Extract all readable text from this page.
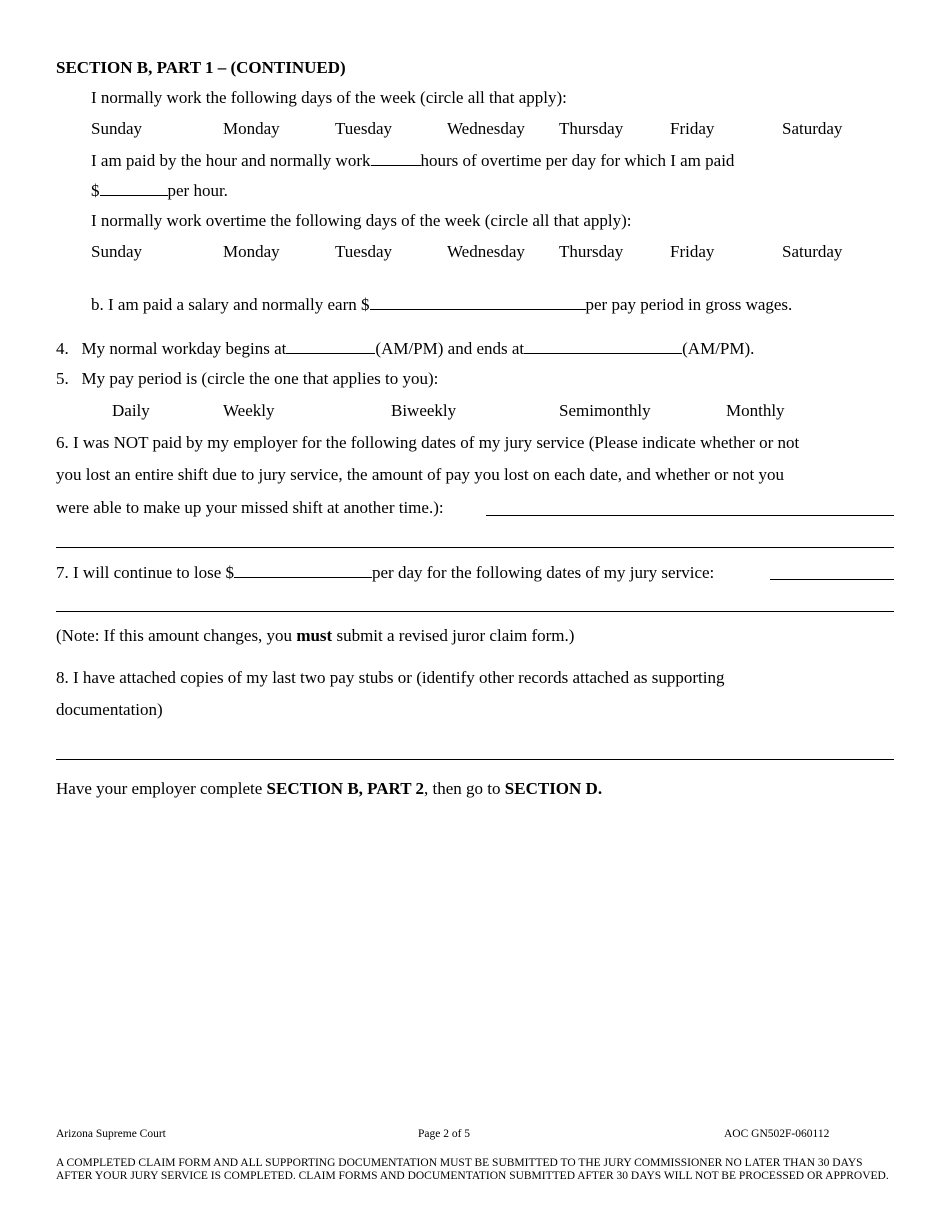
SECTION B, PART 1 – (CONTINUED)
I normally work the following days of the week (circle all that apply):
Sunday	Monday	Tuesday	Wednesday Thursday	Friday	Saturday
I am paid by the hour and normally work	hours of overtime per day for which I am paid
$	per hour.
I normally work overtime the following days of the week (circle all that apply):
Sunday	Monday	Tuesday	Wednesday Thursday	Friday	Saturday
b. I am paid a salary and normally earn $	per pay period in gross wages.
4. My normal workday begins at	(AM/PM) and ends at	(AM/PM).
5. My pay period is (circle the one that applies to you):
Daily	Weekly	Biweekly	Semimonthly	Monthly
6. I was NOT paid by my employer for the following dates of my jury service (Please indicate whether or not
you lost an entire shift due to jury service, the amount of pay you lost on each date, and whether or not you
were able to make up your missed shift at another time.):
7. I will continue to lose $	per day for the following dates of my jury service:
(Note: If this amount changes, you must submit a revised juror claim form.)
8. I have attached copies of my last two pay stubs or (identify other records attached as supporting
documentation)
Have your employer complete SECTION B, PART 2, then go to SECTION D.
Arizona Supreme Court	Page 2 of 5	AOC GN502F-060112
A COMPLETED CLAIM FORM AND ALL SUPPORTING DOCUMENTATION MUST BE SUBMITTED TO THE JURY COMMISSIONER NO LATER THAN 30 DAYS AFTER YOUR JURY SERVICE IS COMPLETED. CLAIM FORMS AND DOCUMENTATION SUBMITTED AFTER 30 DAYS WILL NOT BE PROCESSED OR APPROVED.
